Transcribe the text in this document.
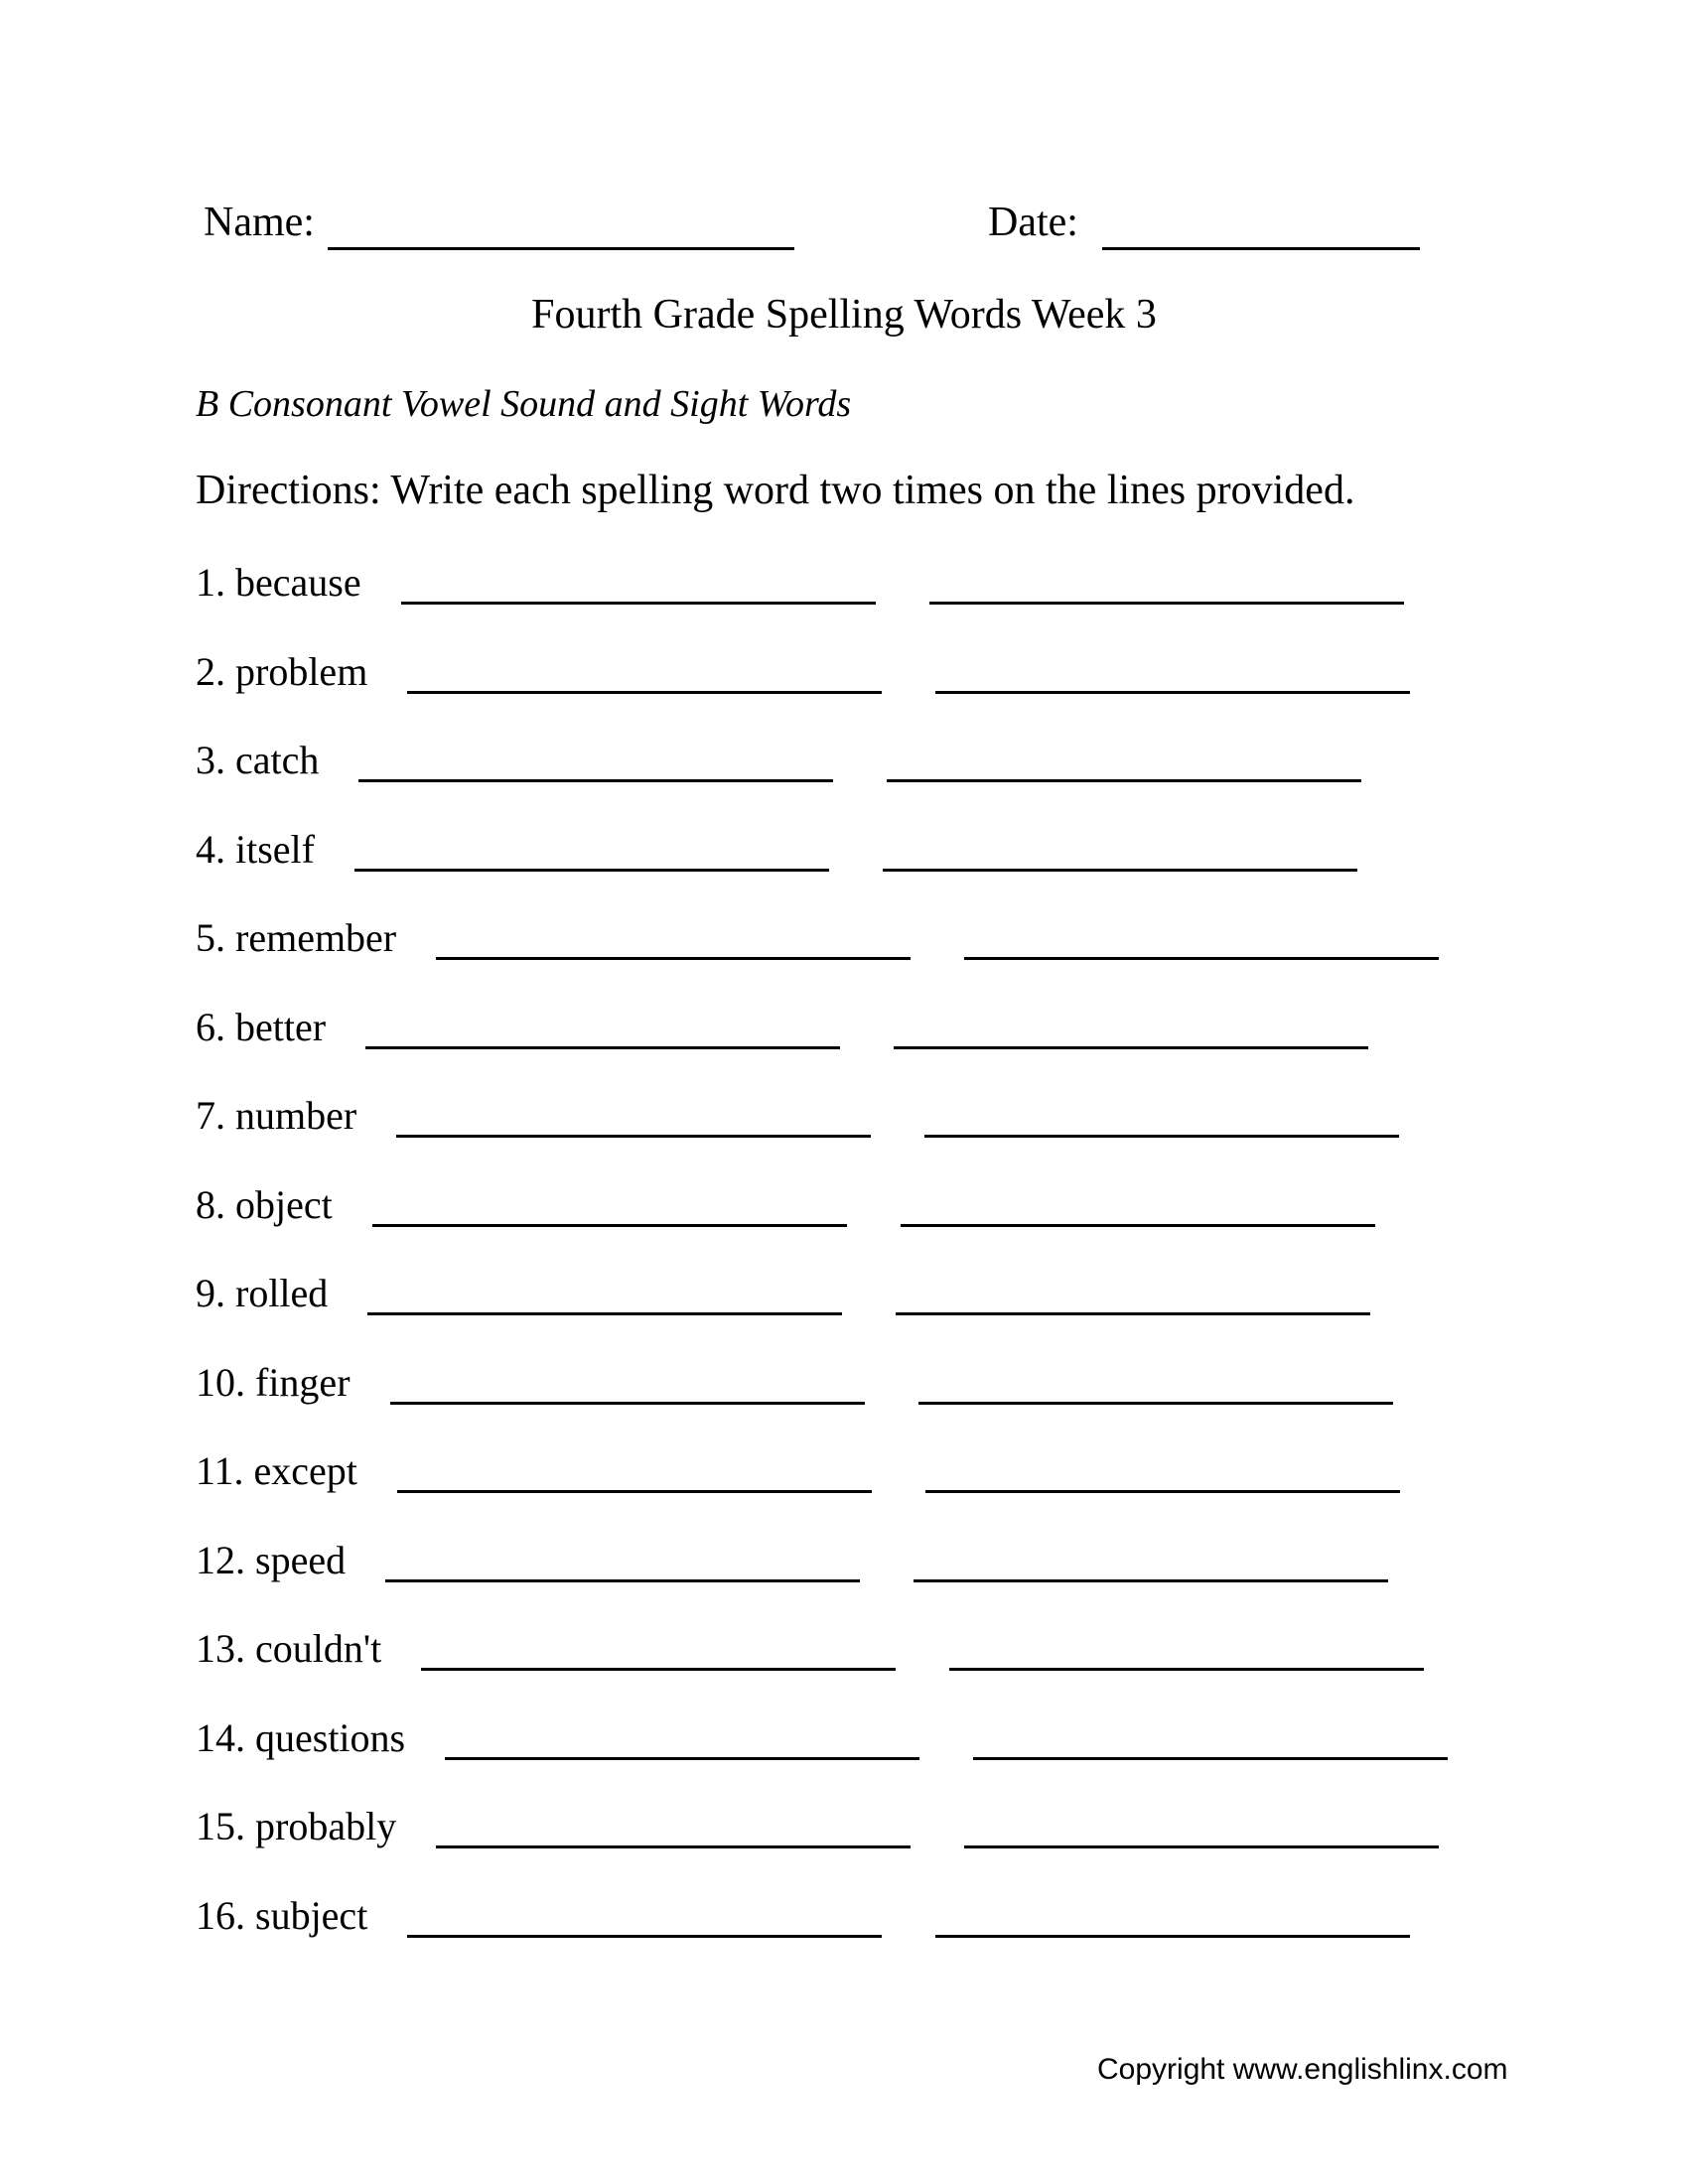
Name:	Date:
Fourth Grade Spelling Words Week 3
B Consonant Vowel Sound and Sight Words
Directions: Write each spelling word two times on the lines provided.
1. because
2. problem
3. catch
4. itself
5. remember
6. better
7. number
8. object
9. rolled
10. finger
11. except
12. speed
13. couldn't
14. questions
15. probably
16. subject
Copyright www.englishlinx.com
